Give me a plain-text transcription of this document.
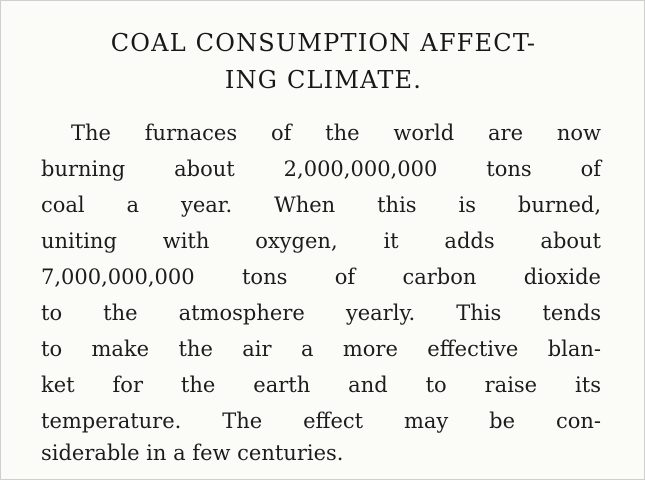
COAL CONSUMPTION AFFECT-
ING CLIMATE.
The furnaces of the world are now
burning about 2,000,000,000 tons of
coal a year. When this is burned,
uniting with oxygen, it adds about
7,000,000,000 tons of carbon dioxide
to the atmosphere yearly. This tends
to make the air a more effective blan-
ket for the earth and to raise its
temperature. The effect may be con-
siderable in a few centuries.
